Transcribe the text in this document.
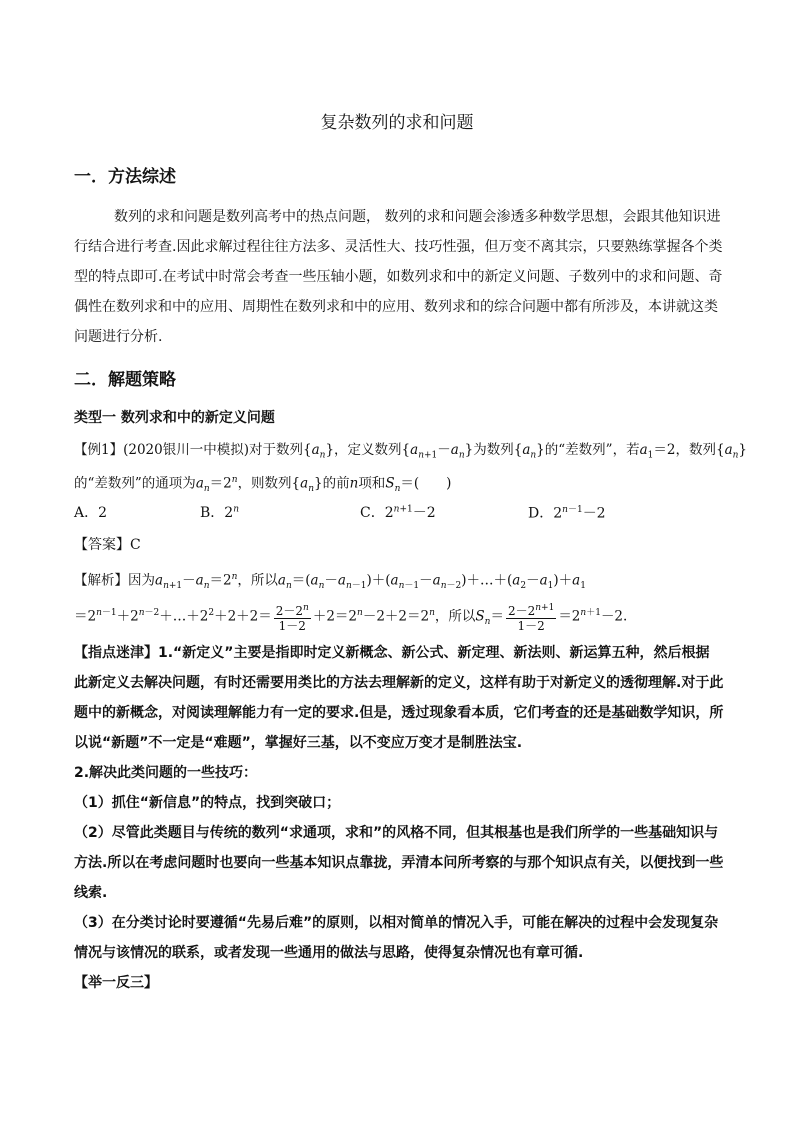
复杂数列的求和问题
一．方法综述
数列的求和问题是数列高考中的热点问题， 数列的求和问题会渗透多种数学思想，会跟其他知识进
行结合进行考查.因此求解过程往往方法多、灵活性大、技巧性强，但万变不离其宗，只要熟练掌握各个类
型的特点即可.在考试中时常会考查一些压轴小题，如数列求和中的新定义问题、子数列中的求和问题、奇
偶性在数列求和中的应用、周期性在数列求和中的应用、数列求和的综合问题中都有所涉及，本讲就这类
问题进行分析.
二．解题策略
类型一 数列求和中的新定义问题
【例1】(2020银川一中模拟)对于数列$\{a_n\}$，定义数列$\{a_{n+1}-a_n\}$为数列$\{a_n\}$的“差数列”，若$a_1=2$，数列$\{a_n\}$
的“差数列”的通项为$a_n=2^n$，则数列$\{a_n\}$的前n项和$S_n=$(　　)
A．2	B．2$^n$	C．$2^{n+1}-2$	D．$2^{n-1}-2$
【答案】C
【解析】因为$a_{n+1}-a_n=2^n$，所以$a_n=(a_n-a_{n-1})+(a_{n-1}-a_{n-2})+\dots+(a_2-a_1)+a_1$
$=2^{n-1}+2^{n-2}+\dots+2^2+2+2= \frac{2-2^n}{1-2} +2=2^n-2+2=2^n$，所以$S_n= \frac{2-2^{n+1}}{1-2} =2^{n+1}-2$.
【指点迷津】1.“新定义”主要是指即时定义新概念、新公式、新定理、新法则、新运算五种，然后根据
此新定义去解决问题，有时还需要用类比的方法去理解新的定义，这样有助于对新定义的透彻理解.对于此
题中的新概念，对阅读理解能力有一定的要求.但是，透过现象看本质，它们考查的还是基础数学知识，所
以说“新题”不一定是“难题”，掌握好三基，以不变应万变才是制胜法宝.
2.解决此类问题的一些技巧：
（1）抓住“新信息”的特点，找到突破口；
（2）尽管此类题目与传统的数列“求通项，求和”的风格不同，但其根基也是我们所学的一些基础知识与
方法.所以在考虑问题时也要向一些基本知识点靠拢，弄清本问所考察的与那个知识点有关，以便找到一些
线索.
（3）在分类讨论时要遵循“先易后难”的原则，以相对简单的情况入手，可能在解决的过程中会发现复杂
情况与该情况的联系，或者发现一些通用的做法与思路，使得复杂情况也有章可循.
【举一反三】
